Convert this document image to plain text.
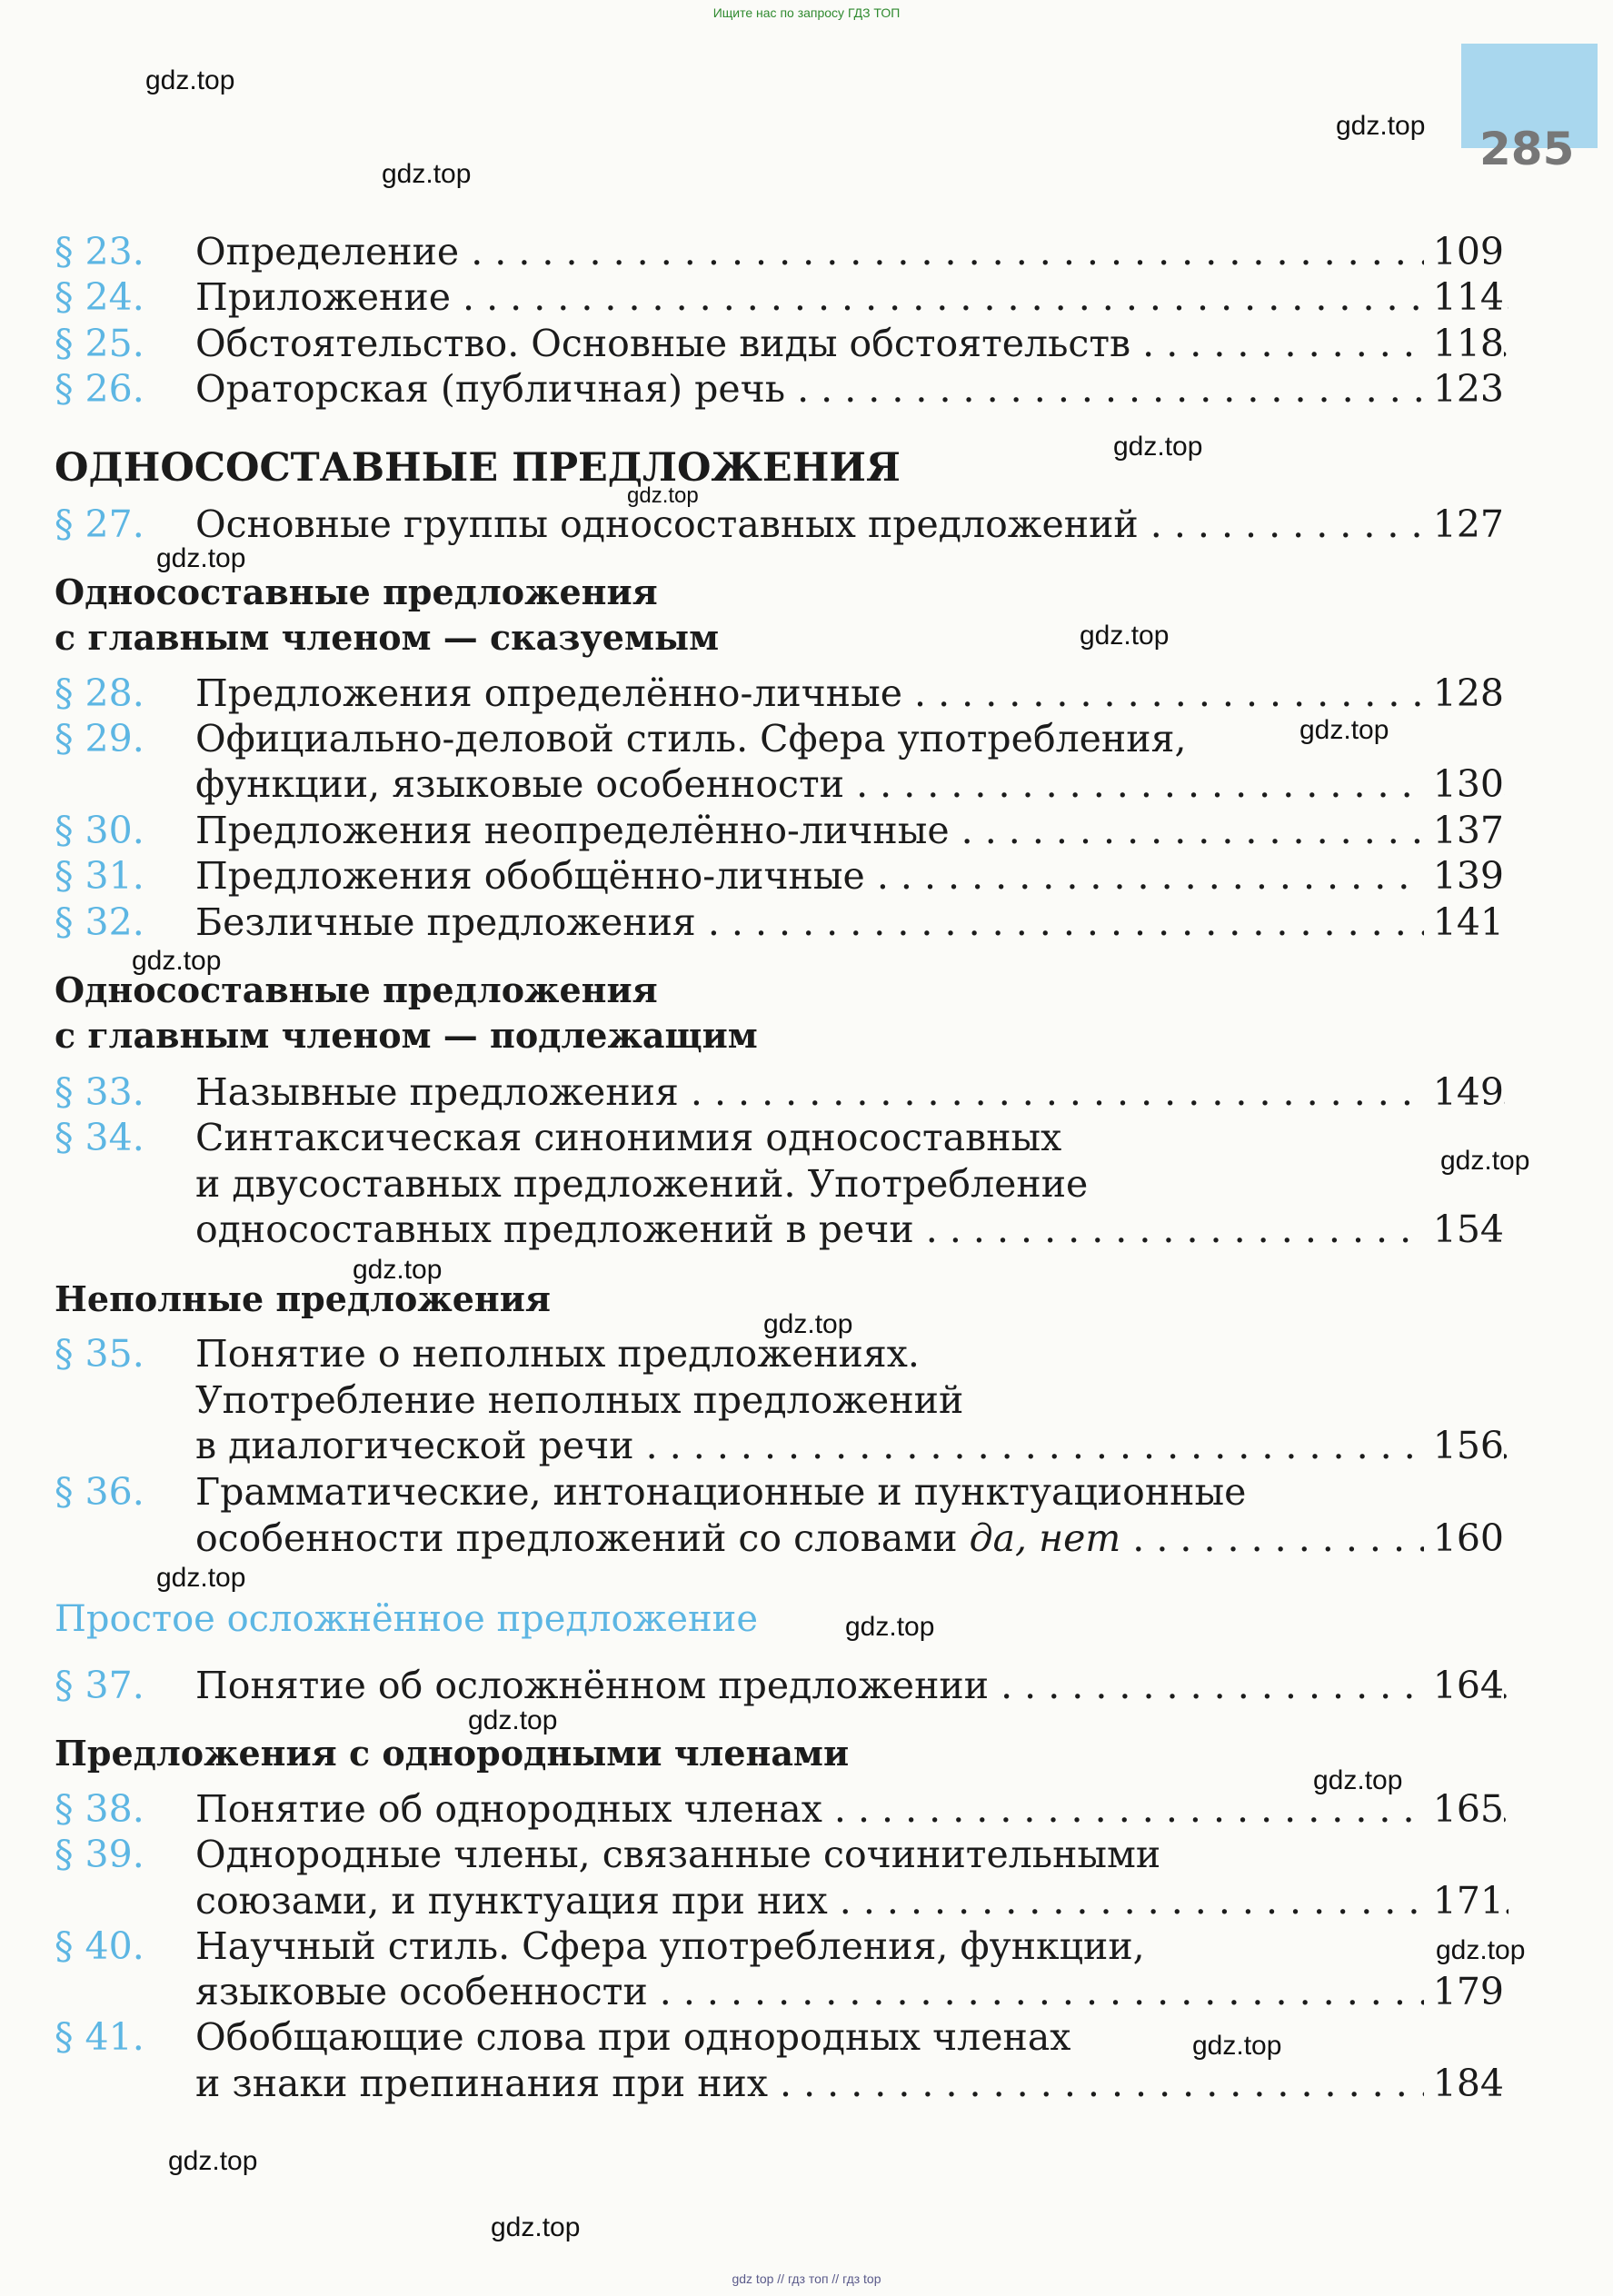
Ищите нас по запросу ГДЗ ТОП
285
gdz.top
gdz.top
gdz.top
gdz.top
gdz.top
gdz.top
gdz.top
gdz.top
gdz.top
gdz.top
gdz.top
gdz.top
gdz.top
gdz.top
gdz.top
gdz.top
gdz.top
gdz.top
gdz.top
gdz.top
§ 23. Определение . . .	109
§ 24. Приложение . . .	114
§ 25. Обстоятельство. Основные виды обстоятельств . . .	118
§ 26. Ораторская (публичная) речь . . .	123
ОДНОСОСТАВНЫЕ ПРЕДЛОЖЕНИЯ
§ 27. Основные группы односоставных предложений . . .	127
Односоставные предложения
с главным членом — сказуемым
§ 28. Предложения определённо-личные . . .	128
§ 29. Официально-деловой стиль. Сфера употребления,
функции, языковые особенности . . .	130
§ 30. Предложения неопределённо-личные . . .	137
§ 31. Предложения обобщённо-личные . . .	139
§ 32. Безличные предложения . . .	141
Односоставные предложения
с главным членом — подлежащим
§ 33. Назывные предложения . . .	149
§ 34. Синтаксическая синонимия односоставных
и двусоставных предложений. Употребление
односоставных предложений в речи . . .	154
Неполные предложения
§ 35. Понятие о неполных предложениях.
Употребление неполных предложений
в диалогической речи . . .	156
§ 36. Грамматические, интонационные и пунктуационные
особенности предложений со словами да, нет . . .	160
Простое осложнённое предложение
§ 37. Понятие об осложнённом предложении . . .	164
Предложения с однородными членами
§ 38. Понятие об однородных членах . . .	165
§ 39. Однородные члены, связанные сочинительными
союзами, и пунктуация при них . . .	171
§ 40. Научный стиль. Сфера употребления, функции,
языковые особенности . . .	179
§ 41. Обобщающие слова при однородных членах
и знаки препинания при них . . .	184
gdz top // гдз топ // гдз top
